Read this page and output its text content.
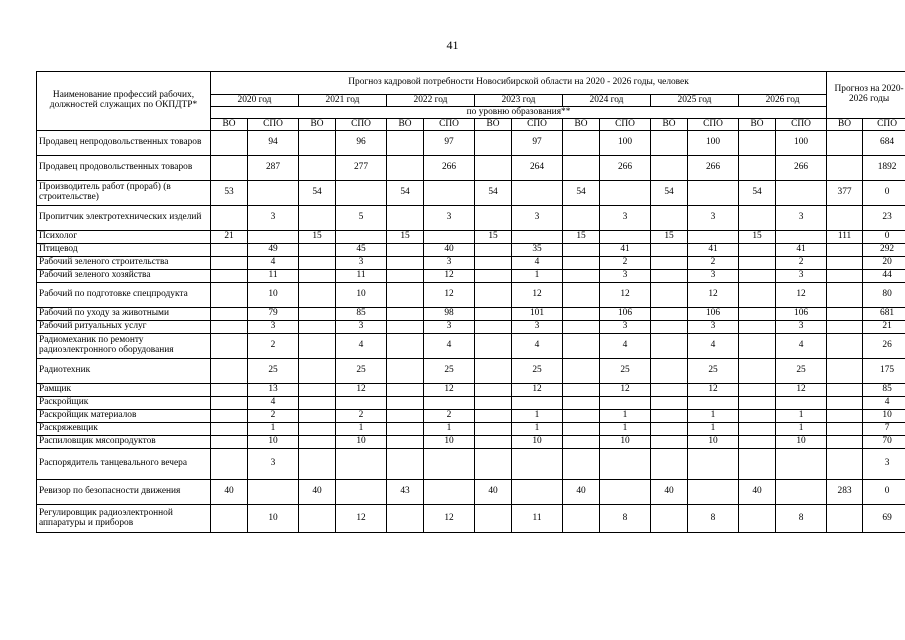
41
Наименование профессий рабочих, должностей служащих по ОКПДТР*	Прогноз кадровой потребности Новосибирской области на 2020 - 2026 годы, человек														Прогноз на 2020-2026 годы	
	2020 год		2021 год		2022 год		2023 год		2024 год		2025 год		2026 год			
	по уровню образования**															
	ВО	СПО	ВО	СПО	ВО	СПО	ВО	СПО	ВО	СПО	ВО	СПО	ВО	СПО	ВО	СПО
Продавец непродовольственных товаров		94		96		97		97		100		100		100		684
Продавец продовольственных товаров		287		277		266		264		266		266		266		1892
Производитель работ (прораб) (в строительстве)	53		54		54		54		54		54		54		377	0
Пропитчик электротехнических изделий		3		5		3		3		3		3		3		23
Психолог	21		15		15		15		15		15		15		111	0
Птицевод		49		45		40		35		41		41		41		292
Рабочий зеленого строительства		4		3		3		4		2		2		2		20
Рабочий зеленого хозяйства		11		11		12		1		3		3		3		44
Рабочий по подготовке спецпродукта		10		10		12		12		12		12		12		80
Рабочий по уходу за животными		79		85		98		101		106		106		106		681
Рабочий ритуальных услуг		3		3		3		3		3		3		3		21
Радиомеханик по ремонту радиоэлектронного оборудования		2		4		4		4		4		4		4		26
Радиотехник		25		25		25		25		25		25		25		175
Рамщик		13		12		12		12		12		12		12		85
Раскройщик		4														4
Раскройщик материалов		2		2		2		1		1		1		1		10
Раскряжевщик		1		1		1		1		1		1		1		7
Распиловщик мясопродуктов		10		10		10		10		10		10		10		70
Распорядитель танцевального вечера		3														3
Ревизор по безопасности движения	40		40		43		40		40		40		40		283	0
Регулировщик радиоэлектронной аппаратуры и приборов		10		12		12		11		8		8		8		69
